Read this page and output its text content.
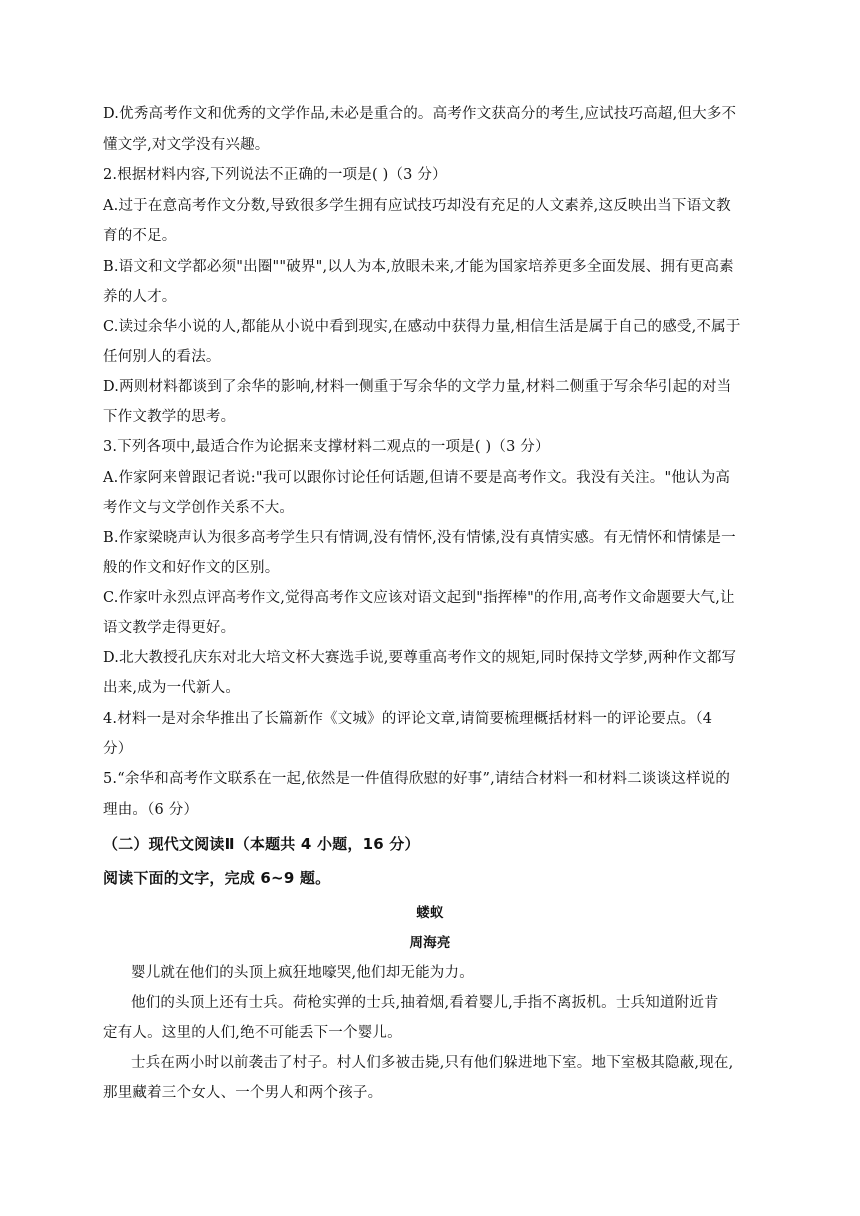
D.优秀高考作文和优秀的文学作品,未必是重合的。高考作文获高分的考生,应试技巧高超,但大多不

懂文学,对文学没有兴趣。

2.根据材料内容,下列说法不正确的一项是( )（3 分）

A.过于在意高考作文分数,导致很多学生拥有应试技巧却没有充足的人文素养,这反映出当下语文教

育的不足。

B.语文和文学都必须"出圈""破界",以人为本,放眼未来,才能为国家培养更多全面发展、拥有更高素

养的人才。

C.读过余华小说的人,都能从小说中看到现实,在感动中获得力量,相信生活是属于自己的感受,不属于

任何别人的看法。

D.两则材料都谈到了余华的影响,材料一侧重于写余华的文学力量,材料二侧重于写余华引起的对当

下作文教学的思考。

3.下列各项中,最适合作为论据来支撑材料二观点的一项是( )（3 分）

A.作家阿来曾跟记者说:"我可以跟你讨论任何话题,但请不要是高考作文。我没有关注。"他认为高

考作文与文学创作关系不大。

B.作家梁晓声认为很多高考学生只有情调,没有情怀,没有情愫,没有真情实感。有无情怀和情愫是一

般的作文和好作文的区别。

C.作家叶永烈点评高考作文,觉得高考作文应该对语文起到"指挥棒"的作用,高考作文命题要大气,让

语文教学走得更好。

D.北大教授孔庆东对北大培文杯大赛选手说,要尊重高考作文的规矩,同时保持文学梦,两种作文都写

出来,成为一代新人。

4.材料一是对余华推出了长篇新作《文城》的评论文章,请简要梳理概括材料一的评论要点。（4

分）

5.“余华和高考作文联系在一起,依然是一件值得欣慰的好事”,请结合材料一和材料二谈谈这样说的

理由。（6 分）

（二）现代文阅读Ⅱ（本题共 4 小题，16 分）

阅读下面的文字，完成 6~9 题。

蝼蚁

周海亮

婴儿就在他们的头顶上疯狂地嚎哭,他们却无能为力。

他们的头顶上还有士兵。荷枪实弹的士兵,抽着烟,看着婴儿,手指不离扳机。士兵知道附近肯

定有人。这里的人们,绝不可能丢下一个婴儿。

士兵在两小时以前袭击了村子。村人们多被击毙,只有他们躲进地下室。地下室极其隐蔽,现在,

那里藏着三个女人、一个男人和两个孩子。
